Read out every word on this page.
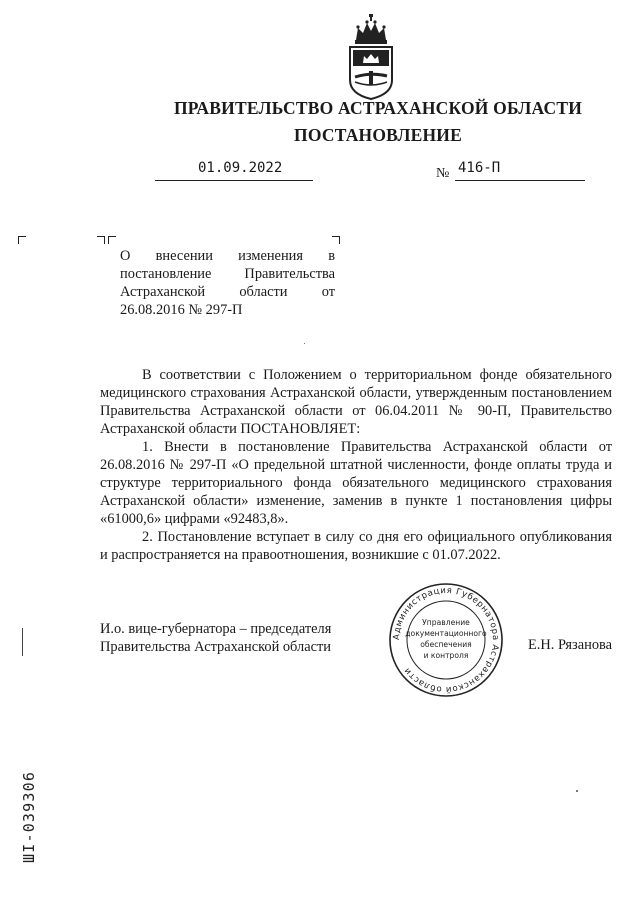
ПРАВИТЕЛЬСТВО АСТРАХАНСКОЙ ОБЛАСТИ
ПОСТАНОВЛЕНИЕ
01.09.2022	№ 416-П
О внесении изменения в постановление Правительства Астраханской области от 26.08.2016 № 297-П

В соответствии с Положением о территориальном фонде обязательного медицинского страхования Астраханской области, утвержденным постановлением Правительства Астраханской области от 06.04.2011 № 90-П, Правительство Астраханской области ПОСТАНОВЛЯЕТ:

1. Внести в постановление Правительства Астраханской области от 26.08.2016 № 297-П «О предельной штатной численности, фонде оплаты труда и структуре территориального фонда обязательного медицинского страхования Астраханской области» изменение, заменив в пункте 1 постановления цифры «61000,6» цифрами «92483,8».

2. Постановление вступает в силу со дня его официального опубликования и распространяется на правоотношения, возникшие с 01.07.2022.

И.о. вице-губернатора – председателя
Правительства Астраханской области	Е.Н. Рязанова
Администрация Губернатора Астраханской области
Управление
документационного
обеспечения
и контроля
ШI-039306
